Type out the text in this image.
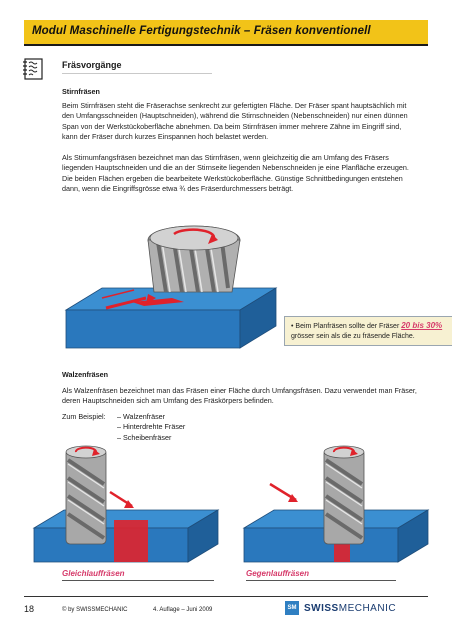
Modul Maschinelle Fertigungstechnik – Fräsen konventionell
Fräsvorgänge
Stirnfräsen

Beim Stirnfräsen steht die Fräserachse senkrecht zur gefertigten Fläche. Der Fräser spant hauptsächlich mit den Umfangsschneiden (Hauptschneiden), während die Stirnschneiden (Nebenschneiden) nur einen dünnen Span von der Werkstückoberfläche abnehmen. Da beim Stirnfräsen immer mehrere Zähne im Eingriff sind, kann der Fräser durch kurzes Einspannen hoch belastet werden.

Als Stirnumfangsfräsen bezeichnet man das Stirnfräsen, wenn gleichzeitig die am Umfang des Fräsers liegenden Hauptschneiden und die an der Stirnseite liegenden Nebenschneiden je eine Planfläche erzeugen. Die beiden Flächen ergeben die bearbeitete Werkstückoberfläche. Günstige Schnittbedingungen entstehen dann, wenn die Eingriffsgrösse etwa ¾ des Fräserdurchmessers beträgt.

• Beim Planfräsen sollte der Fräser 20 bis 30%
grösser sein als die zu fräsende Fläche.
Walzenfräsen

Als Walzenfräsen bezeichnet man das Fräsen einer Fläche durch Umfangsfräsen. Dazu verwendet man Fräser, deren Hauptschneiden sich am Umfang des Fräskörpers befinden.

Zum Beispiel: – Walzenfräser
– Hinterdrehte Fräser
– Scheibenfräser
Gleichlauffräsen	Gegenlauffräsen
18	© by SWISSMECHANIC	4. Auflage – Juni 2009	SM SWISSMECHANIC
